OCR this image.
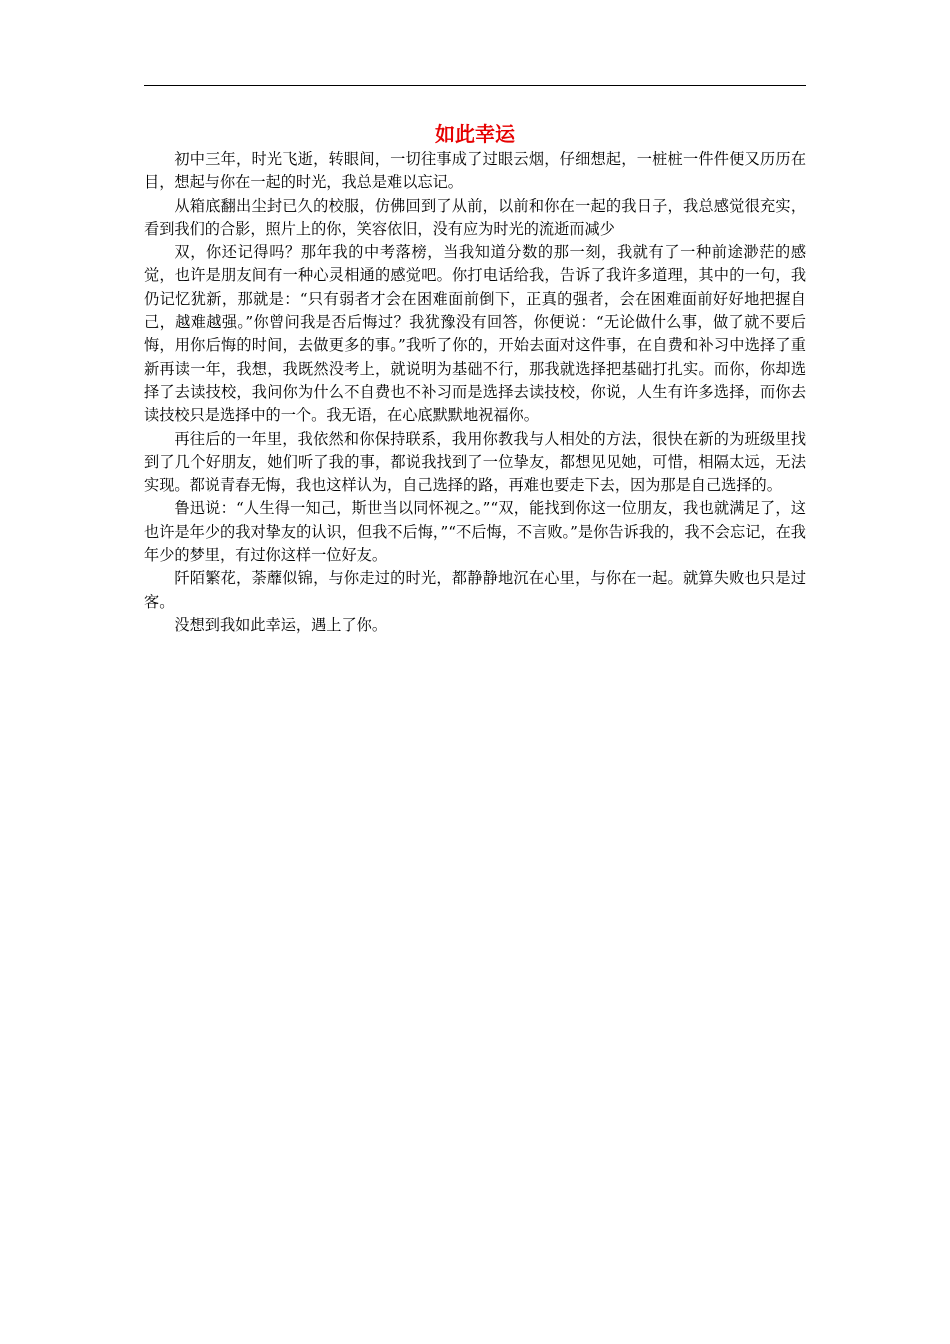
如此幸运

初中三年，时光飞逝，转眼间，一切往事成了过眼云烟，仔细想起，一桩桩一件件便又历历在目，想起与你在一起的时光，我总是难以忘记。

从箱底翻出尘封已久的校服，仿佛回到了从前，以前和你在一起的我日子，我总感觉很充实，看到我们的合影，照片上的你，笑容依旧，没有应为时光的流逝而减少

双，你还记得吗？那年我的中考落榜，当我知道分数的那一刻，我就有了一种前途渺茫的感觉，也许是朋友间有一种心灵相通的感觉吧。你打电话给我，告诉了我许多道理，其中的一句，我仍记忆犹新，那就是：“只有弱者才会在困难面前倒下，正真的强者，会在困难面前好好地把握自己，越难越强。”你曾问我是否后悔过？我犹豫没有回答，你便说：“无论做什么事，做了就不要后悔，用你后悔的时间，去做更多的事。”我听了你的，开始去面对这件事，在自费和补习中选择了重新再读一年，我想，我既然没考上，就说明为基础不行，那我就选择把基础打扎实。而你，你却选择了去读技校，我问你为什么不自费也不补习而是选择去读技校，你说，人生有许多选择，而你去读技校只是选择中的一个。我无语，在心底默默地祝福你。

再往后的一年里，我依然和你保持联系，我用你教我与人相处的方法，很快在新的为班级里找到了几个好朋友，她们听了我的事，都说我找到了一位挚友，都想见见她，可惜，相隔太远，无法实现。都说青春无悔，我也这样认为，自己选择的路，再难也要走下去，因为那是自己选择的。

鲁迅说：“人生得一知己，斯世当以同怀视之。”“双，能找到你这一位朋友，我也就满足了，这也许是年少的我对挚友的认识，但我不后悔，”“不后悔，不言败。”是你告诉我的，我不会忘记，在我年少的梦里，有过你这样一位好友。

阡陌繁花，荼蘼似锦，与你走过的时光，都静静地沉在心里，与你在一起。就算失败也只是过客。

没想到我如此幸运，遇上了你。
